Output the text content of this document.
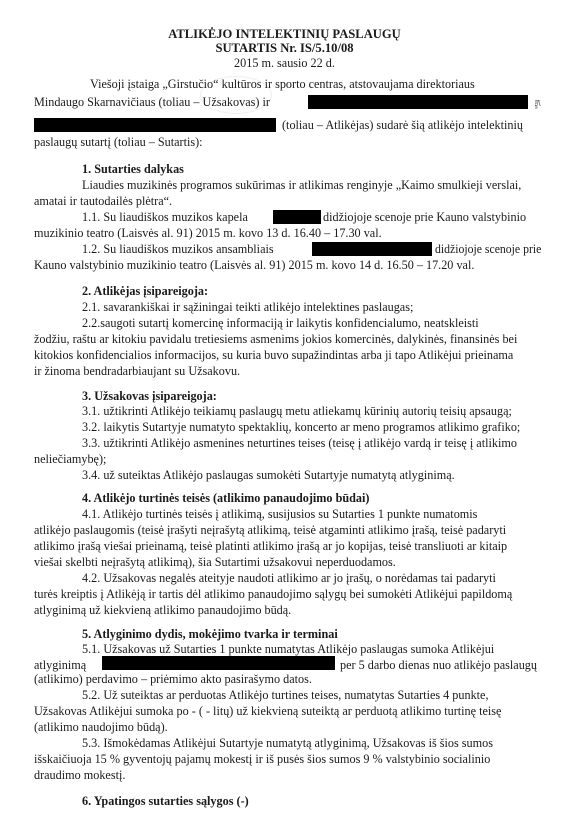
ATLIKĖJO INTELEKTINIŲ PASLAUGŲ
SUTARTIS Nr. IS/5.10/08
2015 m. sausio 22 d.
Viešoji įstaiga „Girstučio“ kultūros ir sporto centras, atstovaujama direktoriaus
Mindaugo Skarnavičiaus (toliau – Užsakovas) ir	gyv.
(toliau – Atlikėjas) sudarė šią atlikėjo intelektinių
paslaugų sutartį (toliau – Sutartis):
1. Sutarties dalykas
Liaudies muzikinės programos sukūrimas ir atlikimas renginyje „Kaimo smulkieji verslai,
amatai ir tautodailės plėtra“.
1.1. Su liaudiškos muzikos kapela	didžiojoje scenoje prie Kauno valstybinio
muzikinio teatro (Laisvės al. 91) 2015 m. kovo 13 d. 16.40 – 17.30 val.
1.2. Su liaudiškos muzikos ansambliais	didžiojoje scenoje prie
Kauno valstybinio muzikinio teatro (Laisvės al. 91) 2015 m. kovo 14 d. 16.50 – 17.20 val.
2. Atlikėjas įsipareigoja:
2.1. savarankiškai ir sąžiningai teikti atlikėjo intelektines paslaugas;
2.2.saugoti sutartį komercinę informaciją ir laikytis konfidencialumo, neatskleisti
žodžiu, raštu ar kitokiu pavidalu tretiesiems asmenims jokios komercinės, dalykinės, finansinės bei
kitokios konfidencialios informacijos, su kuria buvo supažindintas arba ji tapo Atlikėjui prieinama
ir žinoma bendradarbiaujant su Užsakovu.
3. Užsakovas įsipareigoja:
3.1. užtikrinti Atlikėjo teikiamų paslaugų metu atliekamų kūrinių autorių teisių apsaugą;
3.2. laikytis Sutartyje numatyto spektaklių, koncerto ar meno programos atlikimo grafiko;
3.3. užtikrinti Atlikėjo asmenines neturtines teises (teisę į atlikėjo vardą ir teisę į atlikimo
neliečiamybę);
3.4. už suteiktas Atlikėjo paslaugas sumokėti Sutartyje numatytą atlyginimą.
4. Atlikėjo turtinės teisės (atlikimo panaudojimo būdai)
4.1. Atlikėjo turtinės teisės į atlikimą, susijusios su Sutarties 1 punkte numatomis
atlikėjo paslaugomis (teisė įrašyti neįrašytą atlikimą, teisė atgaminti atlikimo įrašą, teisė padaryti
atlikimo įrašą viešai prieinamą, teisė platinti atlikimo įrašą ar jo kopijas, teisė transliuoti ar kitaip
viešai skelbti neįrašytą atlikimą), šia Sutartimi užsakovui neperduodamos.
4.2. Užsakovas negalės ateityje naudoti atlikimo ar jo įrašų, o norėdamas tai padaryti
turės kreiptis į Atlikėją ir tartis dėl atlikimo panaudojimo sąlygų bei sumokėti Atlikėjui papildomą
atlyginimą už kiekvieną atlikimo panaudojimo būdą.
5. Atlyginimo dydis, mokėjimo tvarka ir terminai
5.1. Užsakovas už Sutarties 1 punkte numatytas Atlikėjo paslaugas sumoka Atlikėjui
atlyginimą	per 5 darbo dienas nuo atlikėjo paslaugų
(atlikimo) perdavimo – priėmimo akto pasirašymo datos.
5.2. Už suteiktas ar perduotas Atlikėjo turtines teises, numatytas Sutarties 4 punkte,
Užsakovas Atlikėjui sumoka po - ( - litų) už kiekvieną suteiktą ar perduotą atlikimo turtinę teisę
(atlikimo naudojimo būdą).
5.3. Išmokėdamas Atlikėjui Sutartyje numatytą atlyginimą, Užsakovas iš šios sumos
išskaičiuoja 15 % gyventojų pajamų mokestį ir iš pusės šios sumos 9 % valstybinio socialinio
draudimo mokestį.
6. Ypatingos sutarties sąlygos (-)
